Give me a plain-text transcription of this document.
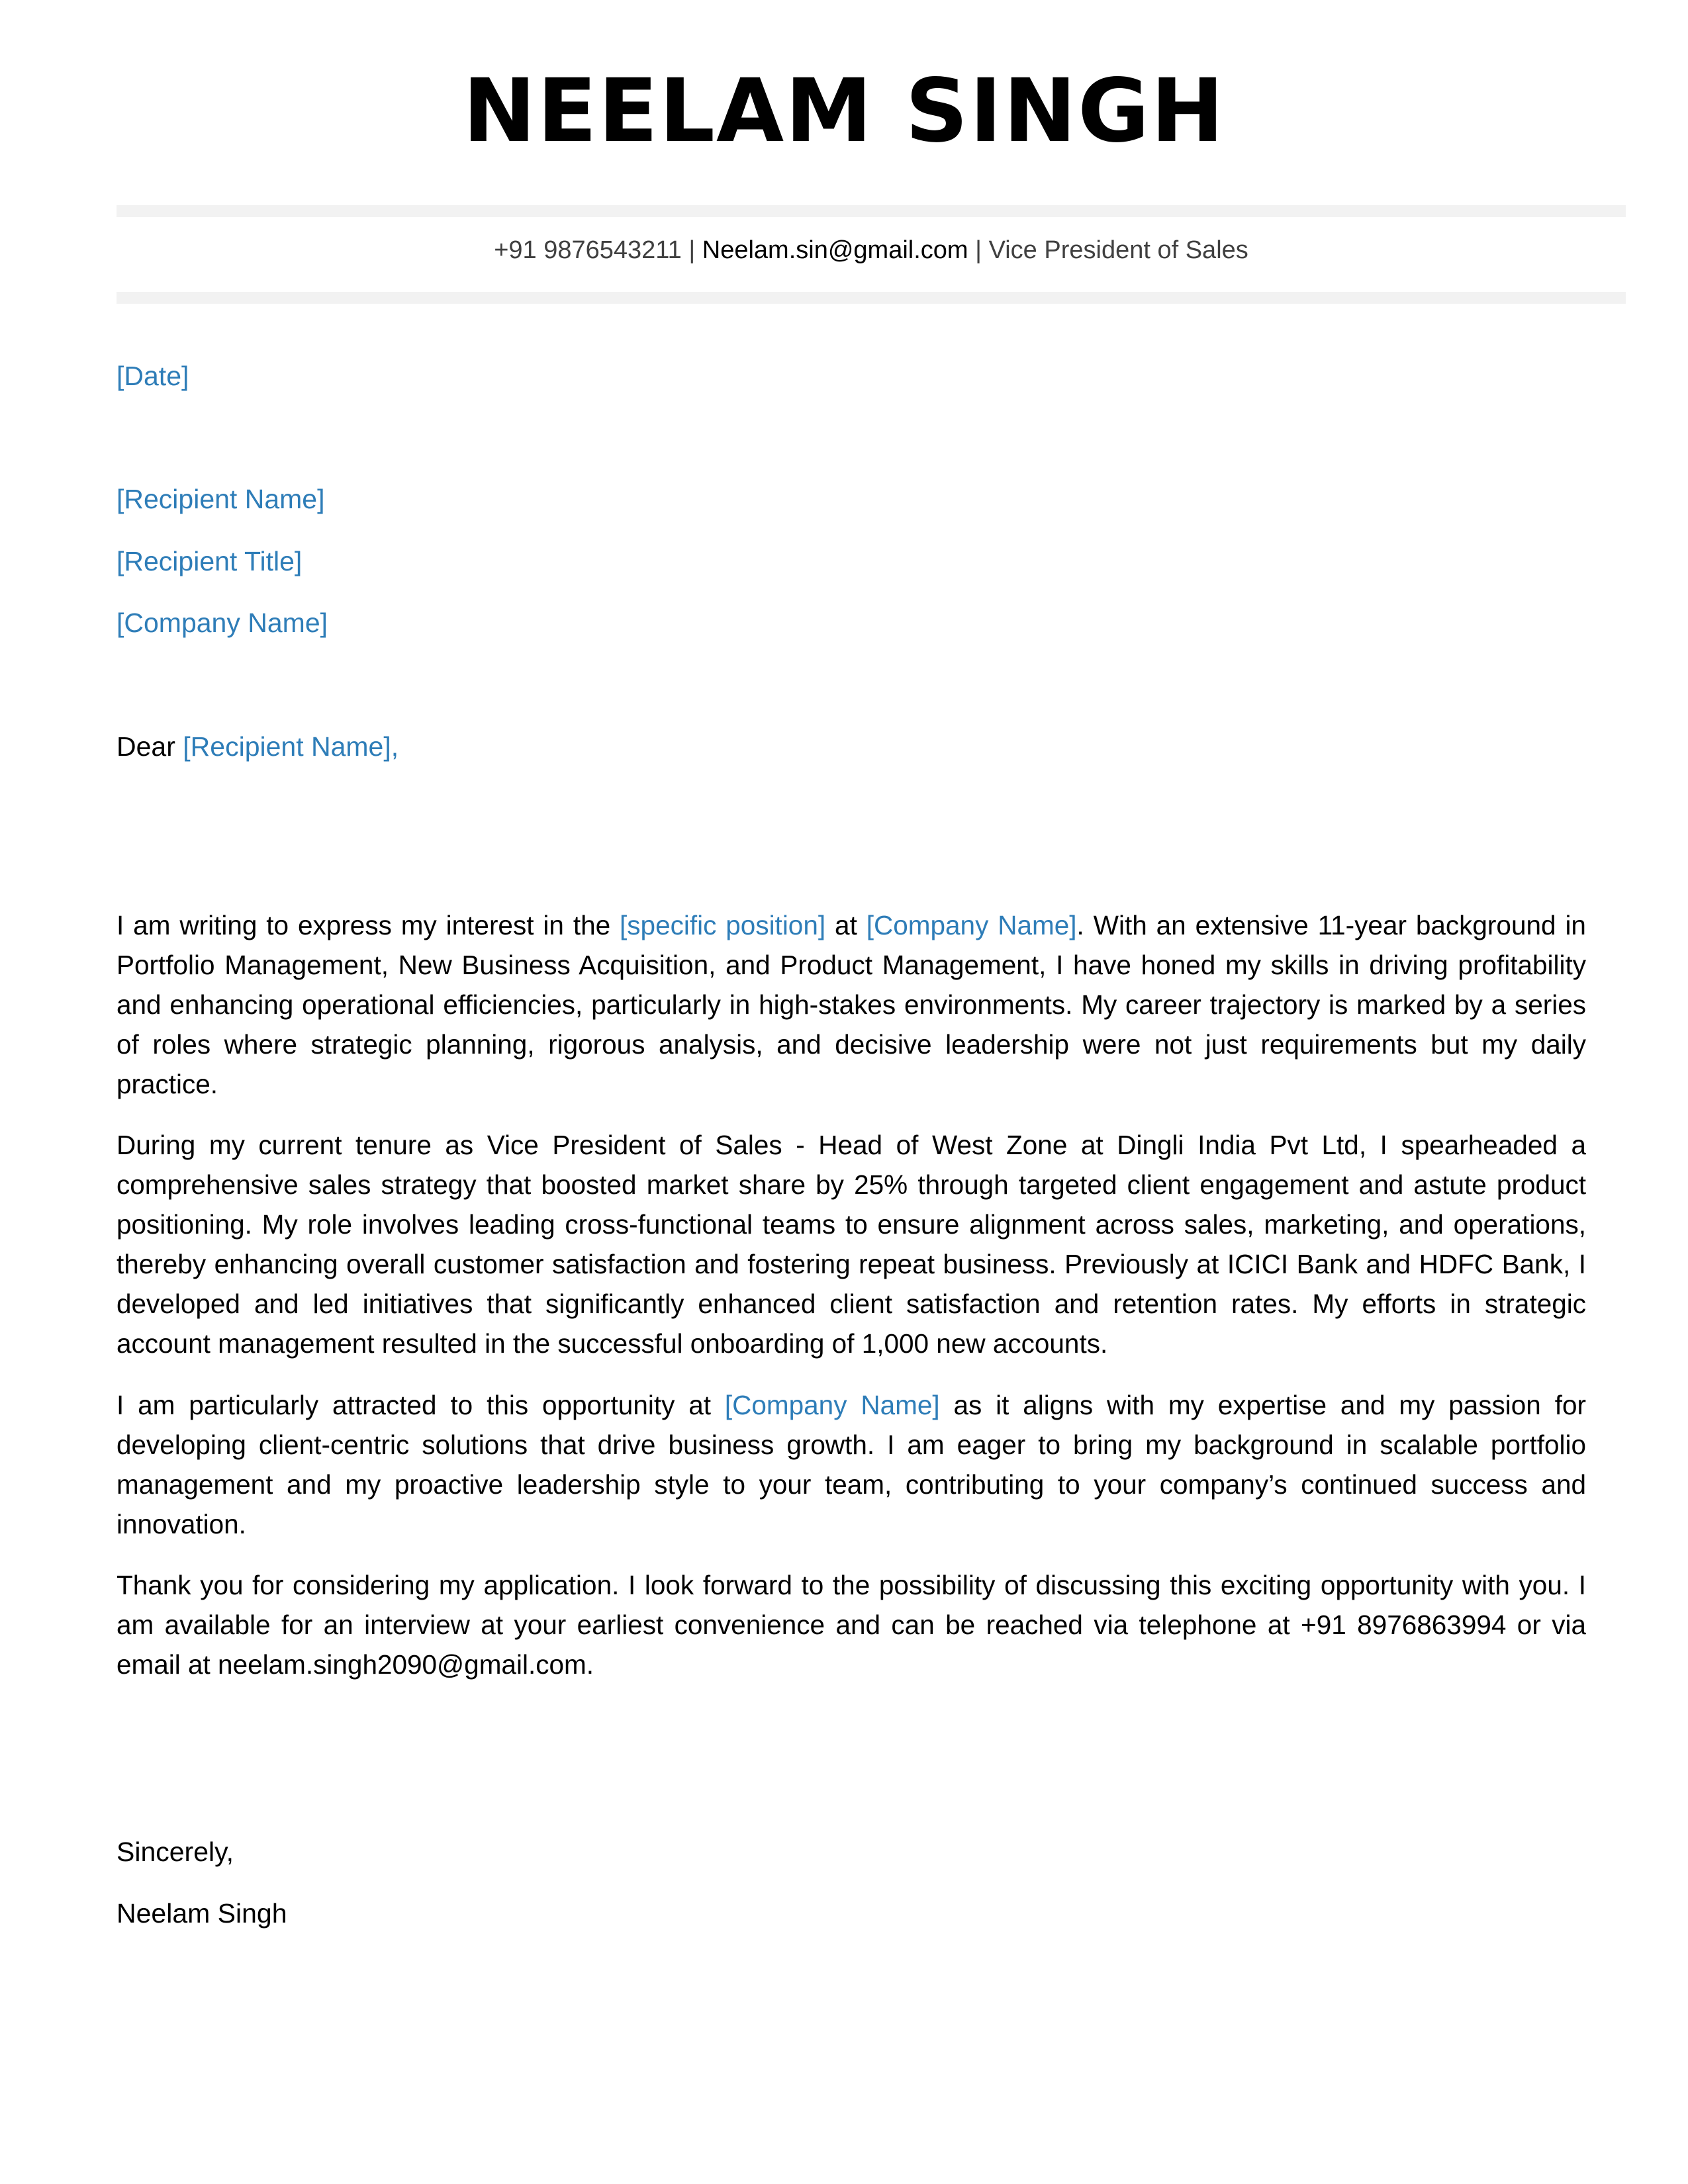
NEELAM SINGH
+91 9876543211 | Neelam.sin@gmail.com | Vice President of Sales
[Date]
[Recipient Name]
[Recipient Title]
[Company Name]
Dear [Recipient Name],

I am writing to express my interest in the [specific position] at [Company Name]. With an extensive 11-year background in Portfolio Management, New Business Acquisition, and Product Management, I have honed my skills in driving profitability and enhancing operational efficiencies, particularly in high-stakes environments. My career trajectory is marked by a series of roles where strategic planning, rigorous analysis, and decisive leadership were not just requirements but my daily practice.

During my current tenure as Vice President of Sales - Head of West Zone at Dingli India Pvt Ltd, I spearheaded a comprehensive sales strategy that boosted market share by 25% through targeted client engagement and astute product positioning. My role involves leading cross-functional teams to ensure alignment across sales, marketing, and operations, thereby enhancing overall customer satisfaction and fostering repeat business. Previously at ICICI Bank and HDFC Bank, I developed and led initiatives that significantly enhanced client satisfaction and retention rates. My efforts in strategic account management resulted in the successful onboarding of 1,000 new accounts.

I am particularly attracted to this opportunity at [Company Name] as it aligns with my expertise and my passion for developing client-centric solutions that drive business growth. I am eager to bring my background in scalable portfolio management and my proactive leadership style to your team, contributing to your company’s continued success and innovation.

Thank you for considering my application. I look forward to the possibility of discussing this exciting opportunity with you. I am available for an interview at your earliest convenience and can be reached via telephone at +91 8976863994 or via email at neelam.singh2090@gmail.com.

Sincerely,
Neelam Singh
